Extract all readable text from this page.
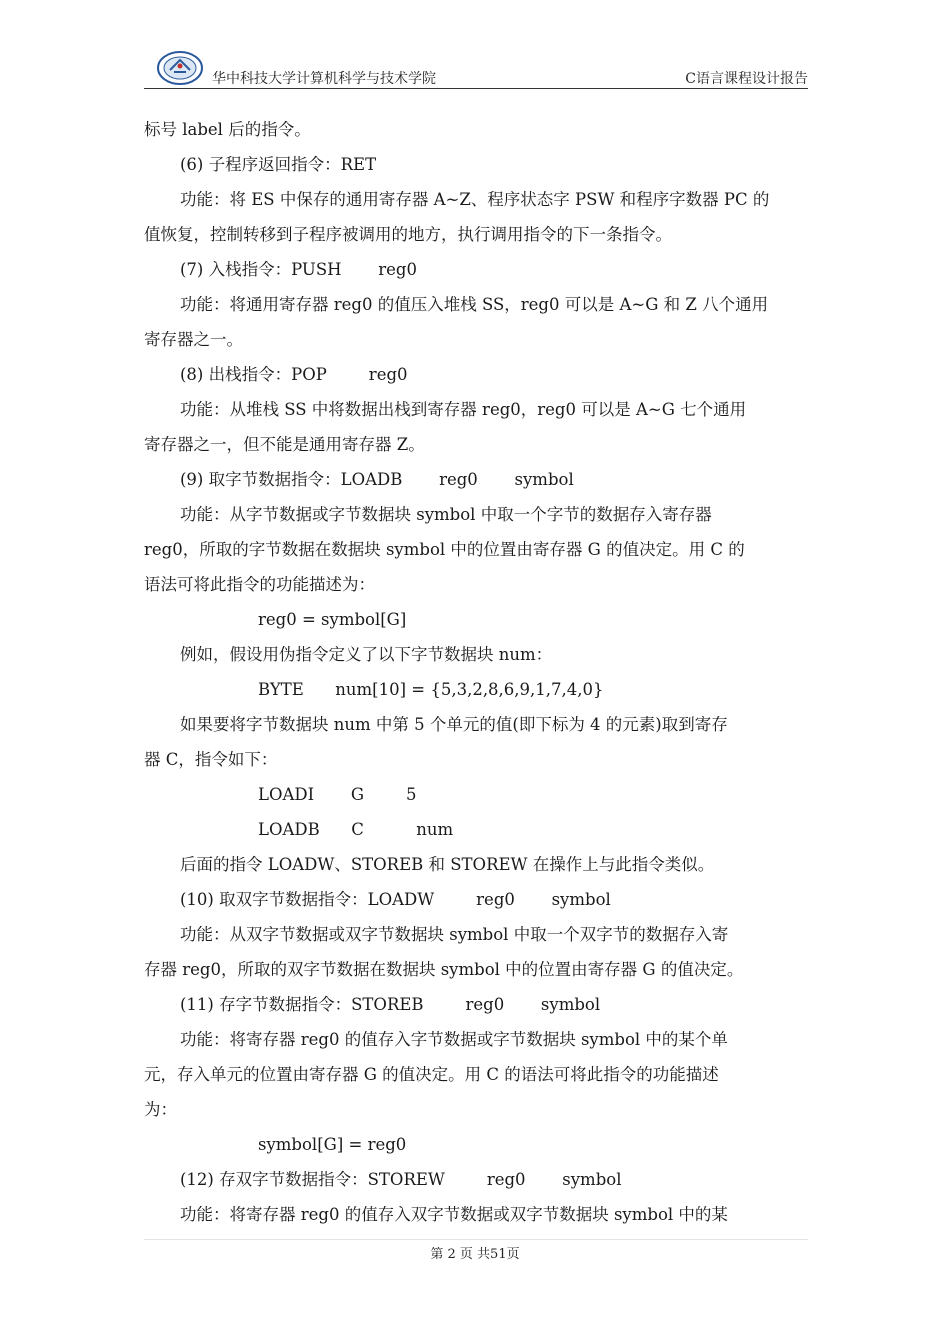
华中科技大学计算机科学与技术学院	C语言课程设计报告
标号 label 后的指令。
(6) 子程序返回指令：RET
功能：将 ES 中保存的通用寄存器 A~Z、程序状态字 PSW 和程序字数器 PC 的
值恢复，控制转移到子程序被调用的地方，执行调用指令的下一条指令。
(7) 入栈指令：PUSH       reg0
功能：将通用寄存器 reg0 的值压入堆栈 SS，reg0 可以是 A~G 和 Z 八个通用
寄存器之一。
(8) 出栈指令：POP        reg0
功能：从堆栈 SS 中将数据出栈到寄存器 reg0，reg0 可以是 A~G 七个通用
寄存器之一，但不能是通用寄存器 Z。
(9) 取字节数据指令：LOADB       reg0       symbol
功能：从字节数据或字节数据块 symbol 中取一个字节的数据存入寄存器
reg0，所取的字节数据在数据块 symbol 中的位置由寄存器 G 的值决定。用 C 的
语法可将此指令的功能描述为：
reg0 = symbol[G]
例如，假设用伪指令定义了以下字节数据块 num：
BYTE      num[10] = {5,3,2,8,6,9,1,7,4,0}
如果要将字节数据块 num 中第 5 个单元的值(即下标为 4 的元素)取到寄存
器 C，指令如下：
LOADI       G        5
LOADB      C          num
后面的指令 LOADW、STOREB 和 STOREW 在操作上与此指令类似。
(10) 取双字节数据指令：LOADW        reg0       symbol
功能：从双字节数据或双字节数据块 symbol 中取一个双字节的数据存入寄
存器 reg0，所取的双字节数据在数据块 symbol 中的位置由寄存器 G 的值决定。
(11) 存字节数据指令：STOREB        reg0       symbol
功能：将寄存器 reg0 的值存入字节数据或字节数据块 symbol 中的某个单
元，存入单元的位置由寄存器 G 的值决定。用 C 的语法可将此指令的功能描述
为：
symbol[G] = reg0
(12) 存双字节数据指令：STOREW        reg0       symbol
功能：将寄存器 reg0 的值存入双字节数据或双字节数据块 symbol 中的某
第 2 页 共51页
